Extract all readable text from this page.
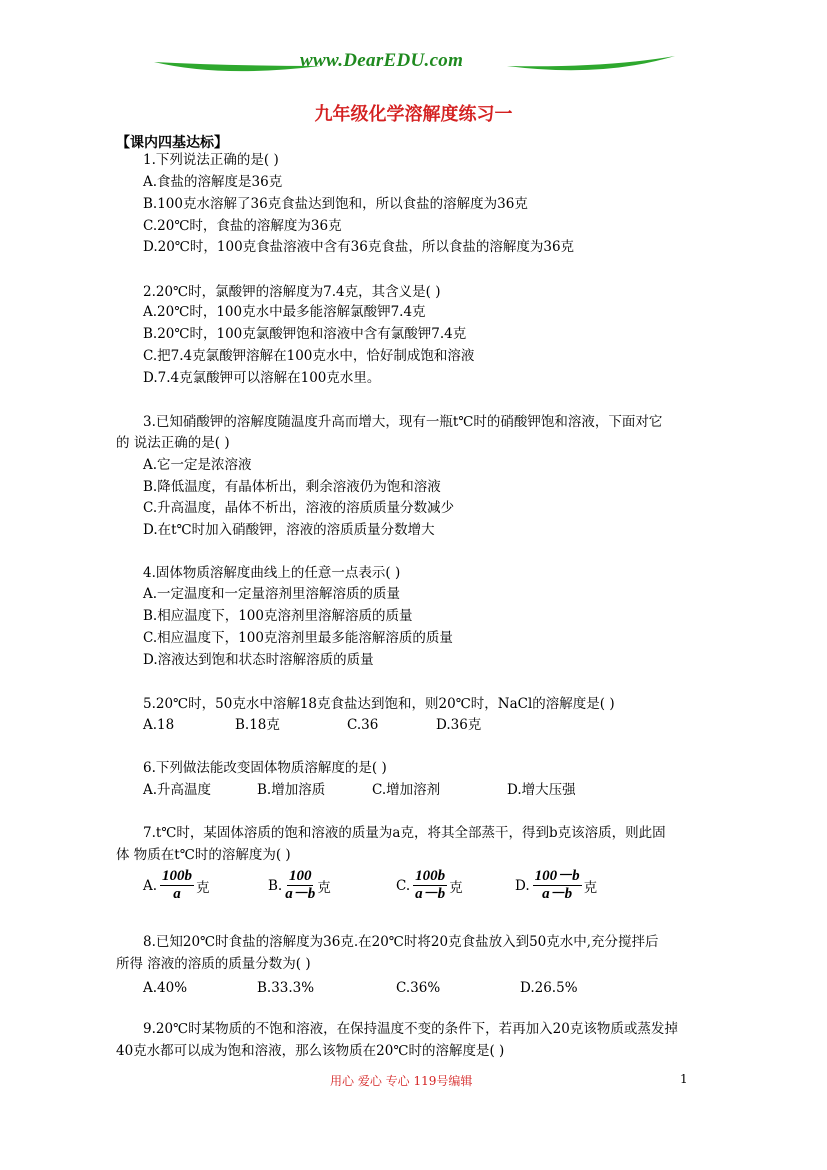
www.DearEDU.com
九年级化学溶解度练习一
【课内四基达标】
1.下列说法正确的是( )
A.食盐的溶解度是36克
B.100克水溶解了36克食盐达到饱和，所以食盐的溶解度为36克
C.20℃时，食盐的溶解度为36克
D.20℃时，100克食盐溶液中含有36克食盐，所以食盐的溶解度为36克
2.20℃时，氯酸钾的溶解度为7.4克，其含义是( )
A.20℃时，100克水中最多能溶解氯酸钾7.4克
B.20℃时，100克氯酸钾饱和溶液中含有氯酸钾7.4克
C.把7.4克氯酸钾溶解在100克水中，恰好制成饱和溶液
D.7.4克氯酸钾可以溶解在100克水里。
3.已知硝酸钾的溶解度随温度升高而增大，现有一瓶t℃时的硝酸钾饱和溶液，下面对它
的 说法正确的是( )
A.它一定是浓溶液
B.降低温度，有晶体析出，剩余溶液仍为饱和溶液
C.升高温度，晶体不析出，溶液的溶质质量分数减少
D.在t℃时加入硝酸钾，溶液的溶质质量分数增大
4.固体物质溶解度曲线上的任意一点表示( )
A.一定温度和一定量溶剂里溶解溶质的质量
B.相应温度下，100克溶剂里溶解溶质的质量
C.相应温度下，100克溶剂里最多能溶解溶质的质量
D.溶液达到饱和状态时溶解溶质的质量
5.20℃时，50克水中溶解18克食盐达到饱和，则20℃时，NaCl的溶解度是( )
A.18	B.18克	C.36	D.36克
6.下列做法能改变固体物质溶解度的是( )
A.升高温度	B.增加溶质	C.增加溶剂	D.增大压强
7.t℃时，某固体溶质的饱和溶液的质量为a克，将其全部蒸干，得到b克该溶质，则此固
体 物质在t℃时的溶解度为( )
A. $\frac{100b}{a}$ 克	B. $\frac{100}{a-b}$ 克	C. $\frac{100b}{a-b}$ 克	D. $\frac{100-b}{a-b}$ 克
8.已知20℃时食盐的溶解度为36克.在20℃时将20克食盐放入到50克水中,充分搅拌后
所得 溶液的溶质的质量分数为( )
A.40%	B.33.3%	C.36%	D.26.5%
9.20℃时某物质的不饱和溶液，在保持温度不变的条件下，若再加入20克该物质或蒸发掉
40克水都可以成为饱和溶液，那么该物质在20℃时的溶解度是( )
用心 爱心 专心 119号编辑	1
